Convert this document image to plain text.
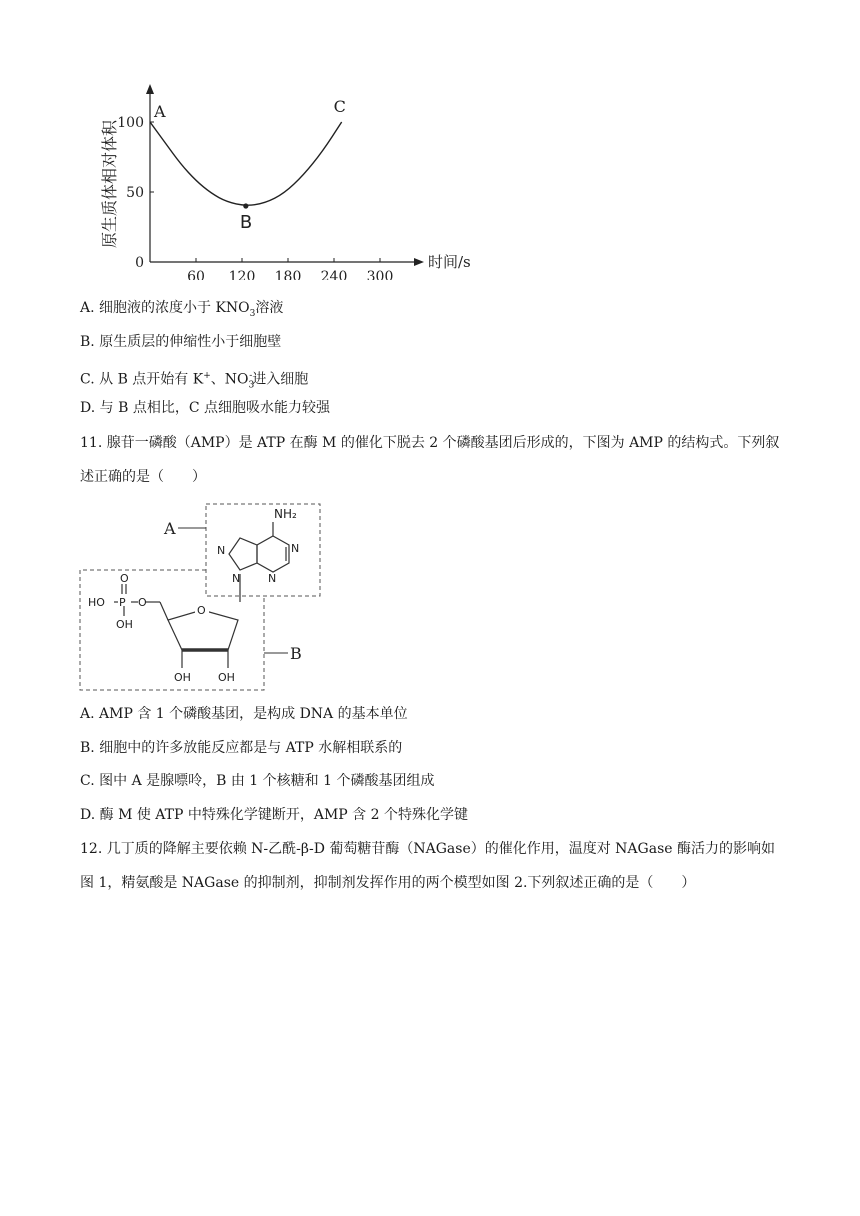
原生质体相对体积
时间/s
0
50
100
60 120 180 240 300
A
B
C
A. 细胞液的浓度小于 $KNO_3$溶液
B. 原生质层的伸缩性小于细胞壁
C. 从 B 点开始有 K+、$NO_3^-$进入细胞
D. 与 B 点相比，C 点细胞吸水能力较强
11. 腺苷一磷酸（AMP）是 ATP 在酶 M 的催化下脱去 2 个磷酸基团后形成的，下图为 AMP 的结构式。下列叙述正确的是（　　）
A
B
NH₂
N
N
N
N
O
OH OH
O
P
HO	O
OH
A. AMP 含 1 个磷酸基团，是构成 DNA 的基本单位
B. 细胞中的许多放能反应都是与 ATP 水解相联系的
C. 图中 A 是腺嘌呤，B 由 1 个核糖和 1 个磷酸基团组成
D. 酶 M 使 ATP 中特殊化学键断开，AMP 含 2 个特殊化学键
12. 几丁质的降解主要依赖 N-乙酰-β-D 葡萄糖苷酶（NAGase）的催化作用，温度对 NAGase 酶活力的影响如图 1，精氨酸是 NAGase 的抑制剂，抑制剂发挥作用的两个模型如图 2.下列叙述正确的是（　　）
